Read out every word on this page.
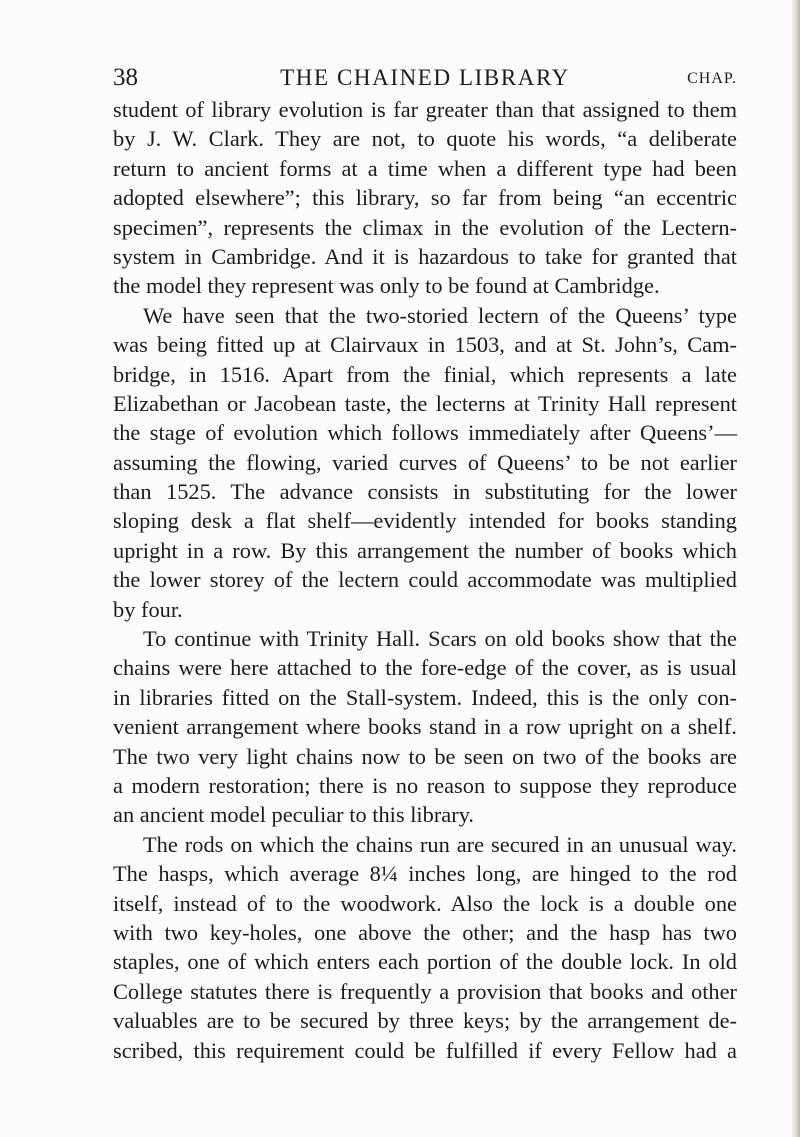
38	THE CHAINED LIBRARY	CHAP.
student of library evolution is far greater than that assigned to them
by J. W. Clark. They are not, to quote his words, “a deliberate
return to ancient forms at a time when a different type had been
adopted elsewhere”; this library, so far from being “an eccentric
specimen”, represents the climax in the evolution of the Lectern-
system in Cambridge. And it is hazardous to take for granted that
the model they represent was only to be found at Cambridge.
We have seen that the two-storied lectern of the Queens’ type
was being fitted up at Clairvaux in 1503, and at St. John’s, Cam-
bridge, in 1516. Apart from the finial, which represents a late
Elizabethan or Jacobean taste, the lecterns at Trinity Hall represent
the stage of evolution which follows immediately after Queens’—
assuming the flowing, varied curves of Queens’ to be not earlier
than 1525. The advance consists in substituting for the lower
sloping desk a flat shelf—evidently intended for books standing
upright in a row. By this arrangement the number of books which
the lower storey of the lectern could accommodate was multiplied
by four.
To continue with Trinity Hall. Scars on old books show that the
chains were here attached to the fore-edge of the cover, as is usual
in libraries fitted on the Stall-system. Indeed, this is the only con-
venient arrangement where books stand in a row upright on a shelf.
The two very light chains now to be seen on two of the books are
a modern restoration; there is no reason to suppose they reproduce
an ancient model peculiar to this library.
The rods on which the chains run are secured in an unusual way.
The hasps, which average 8¼ inches long, are hinged to the rod
itself, instead of to the woodwork. Also the lock is a double one
with two key-holes, one above the other; and the hasp has two
staples, one of which enters each portion of the double lock. In old
College statutes there is frequently a provision that books and other
valuables are to be secured by three keys; by the arrangement de-
scribed, this requirement could be fulfilled if every Fellow had a
